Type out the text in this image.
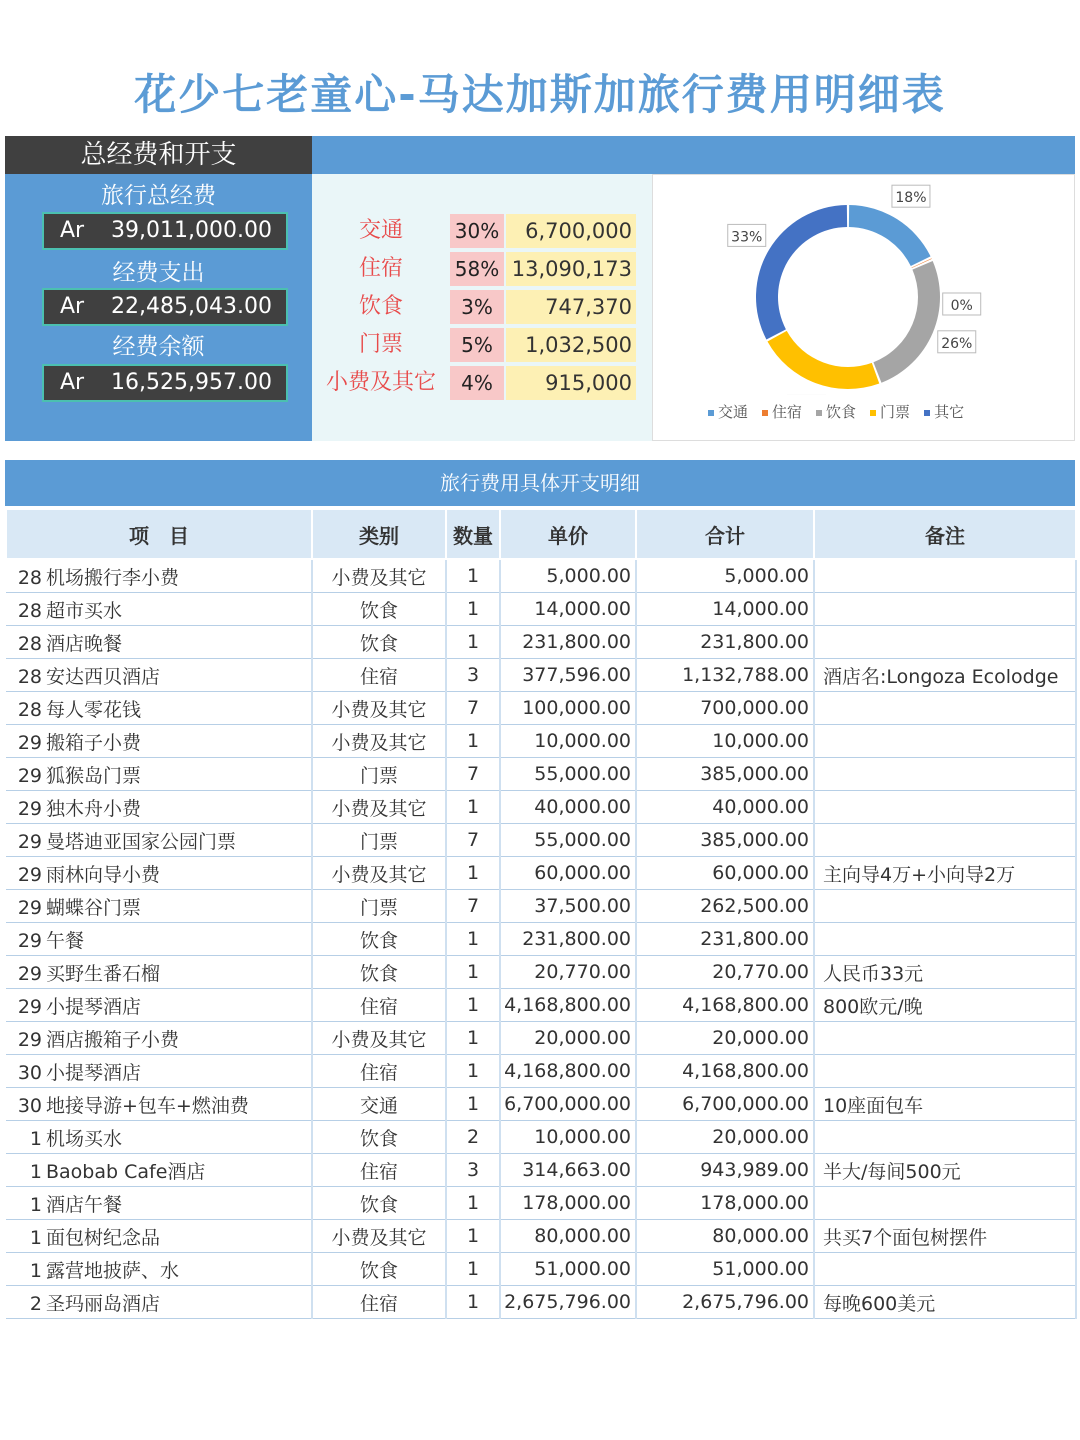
花少七老童心-马达加斯加旅行费用明细表
总经费和开支
旅行总经费
Ar 39,011,000.00
经费支出
Ar 22,485,043.00
经费余额
Ar 16,525,957.00
交通	30%	6,700,000
住宿	58% 13,090,173
饮食	3%	747,370
门票	5%	1,032,500
小费及其它	4%	915,000
18%
0%
26%
33%
交通 住宿 饮食 门票 其它
旅行费用具体开支明细
项　目	类别	数量	单价	合计	备注
28 机场搬行李小费	小费及其它	1	5,000.00	5,000.00	
28 超市买水	饮食	1	14,000.00	14,000.00	
28 酒店晚餐	饮食	1	231,800.00	231,800.00	
28 安达西贝酒店	住宿	3	377,596.00	1,132,788.00	酒店名:Longoza Ecolodge
28 每人零花钱	小费及其它	7	100,000.00	700,000.00	
29 搬箱子小费	小费及其它	1	10,000.00	10,000.00	
29 狐猴岛门票	门票	7	55,000.00	385,000.00	
29 独木舟小费	小费及其它	1	40,000.00	40,000.00	
29 曼塔迪亚国家公园门票	门票	7	55,000.00	385,000.00	
29 雨林向导小费	小费及其它	1	60,000.00	60,000.00	主向导4万+小向导2万
29 蝴蝶谷门票	门票	7	37,500.00	262,500.00	
29 午餐	饮食	1	231,800.00	231,800.00	
29 买野生番石榴	饮食	1	20,770.00	20,770.00	人民币33元
29 小提琴酒店	住宿	1	4,168,800.00	4,168,800.00	800欧元/晚
29 酒店搬箱子小费	小费及其它	1	20,000.00	20,000.00	
30 小提琴酒店	住宿	1	4,168,800.00	4,168,800.00	
30 地接导游+包车+燃油费	交通	1	6,700,000.00	6,700,000.00	10座面包车
1 机场买水	饮食	2	10,000.00	20,000.00	
1 Baobab Cafe酒店	住宿	3	314,663.00	943,989.00	半大/每间500元
1 酒店午餐	饮食	1	178,000.00	178,000.00	
1 面包树纪念品	小费及其它	1	80,000.00	80,000.00	共买7个面包树摆件
1 露营地披萨、水	饮食	1	51,000.00	51,000.00	
2 圣玛丽岛酒店	住宿	1	2,675,796.00	2,675,796.00	每晚600美元
